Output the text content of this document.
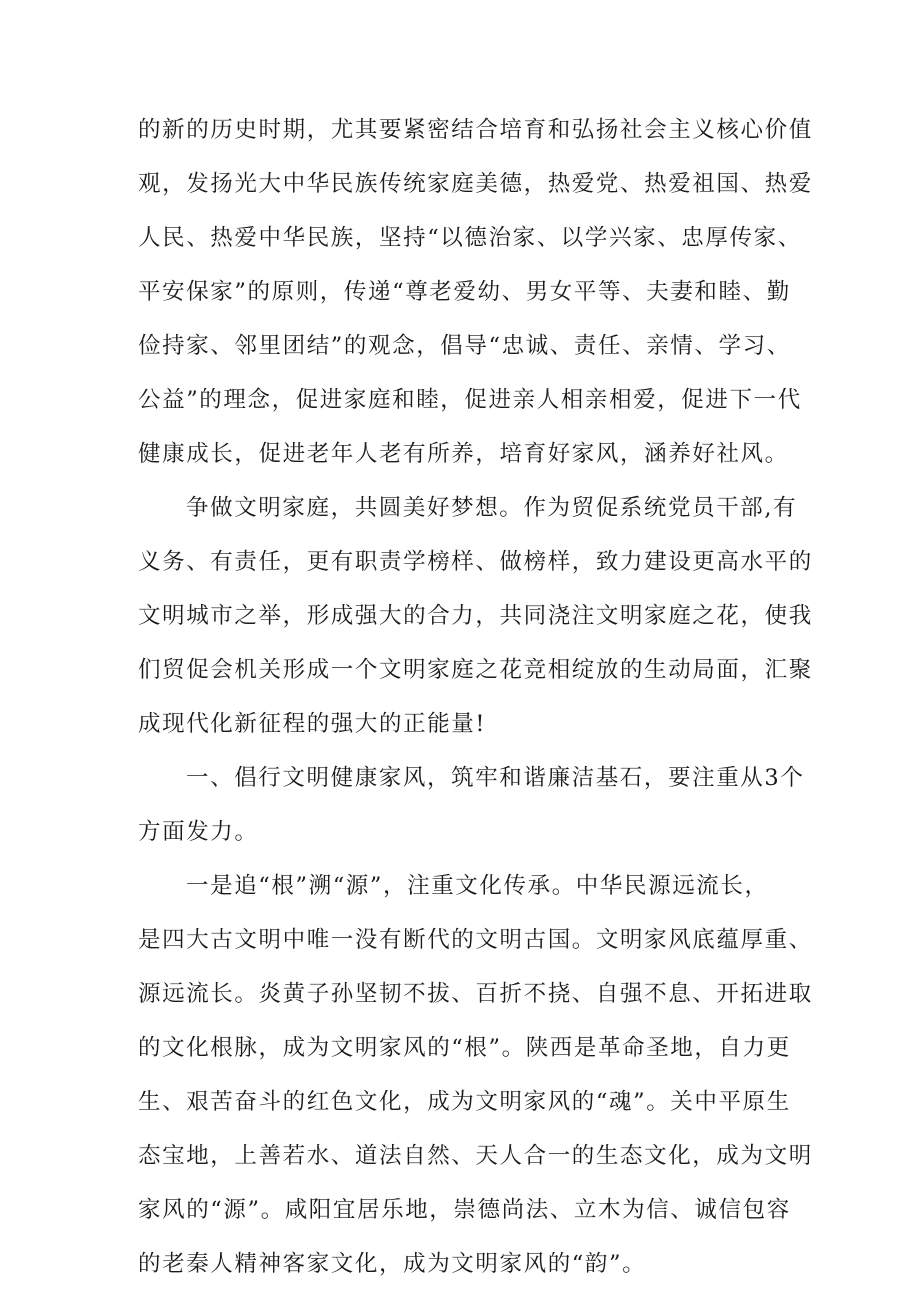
的新的历史时期，尤其要紧密结合培育和弘扬社会主义核心价值
观，发扬光大中华民族传统家庭美德，热爱党、热爱祖国、热爱
人民、热爱中华民族，坚持“以德治家、以学兴家、忠厚传家、
平安保家”的原则，传递“尊老爱幼、男女平等、夫妻和睦、勤
俭持家、邻里团结”的观念，倡导“忠诚、责任、亲情、学习、
公益”的理念，促进家庭和睦，促进亲人相亲相爱，促进下一代
健康成长，促进老年人老有所养，培育好家风，涵养好社风。
争做文明家庭，共圆美好梦想。作为贸促系统党员干部,有
义务、有责任，更有职责学榜样、做榜样，致力建设更高水平的
文明城市之举，形成强大的合力，共同浇注文明家庭之花，使我
们贸促会机关形成一个文明家庭之花竞相绽放的生动局面，汇聚
成现代化新征程的强大的正能量!
一、倡行文明健康家风，筑牢和谐廉洁基石，要注重从3个
方面发力。
一是追“根”溯“源”，注重文化传承。中华民源远流长，
是四大古文明中唯一没有断代的文明古国。文明家风底蕴厚重、
源远流长。炎黄子孙坚韧不拔、百折不挠、自强不息、开拓进取
的文化根脉，成为文明家风的“根”。陕西是革命圣地，自力更
生、艰苦奋斗的红色文化，成为文明家风的“魂”。关中平原生
态宝地，上善若水、道法自然、天人合一的生态文化，成为文明
家风的“源”。咸阳宜居乐地，崇德尚法、立木为信、诚信包容
的老秦人精神客家文化，成为文明家风的“韵”。
